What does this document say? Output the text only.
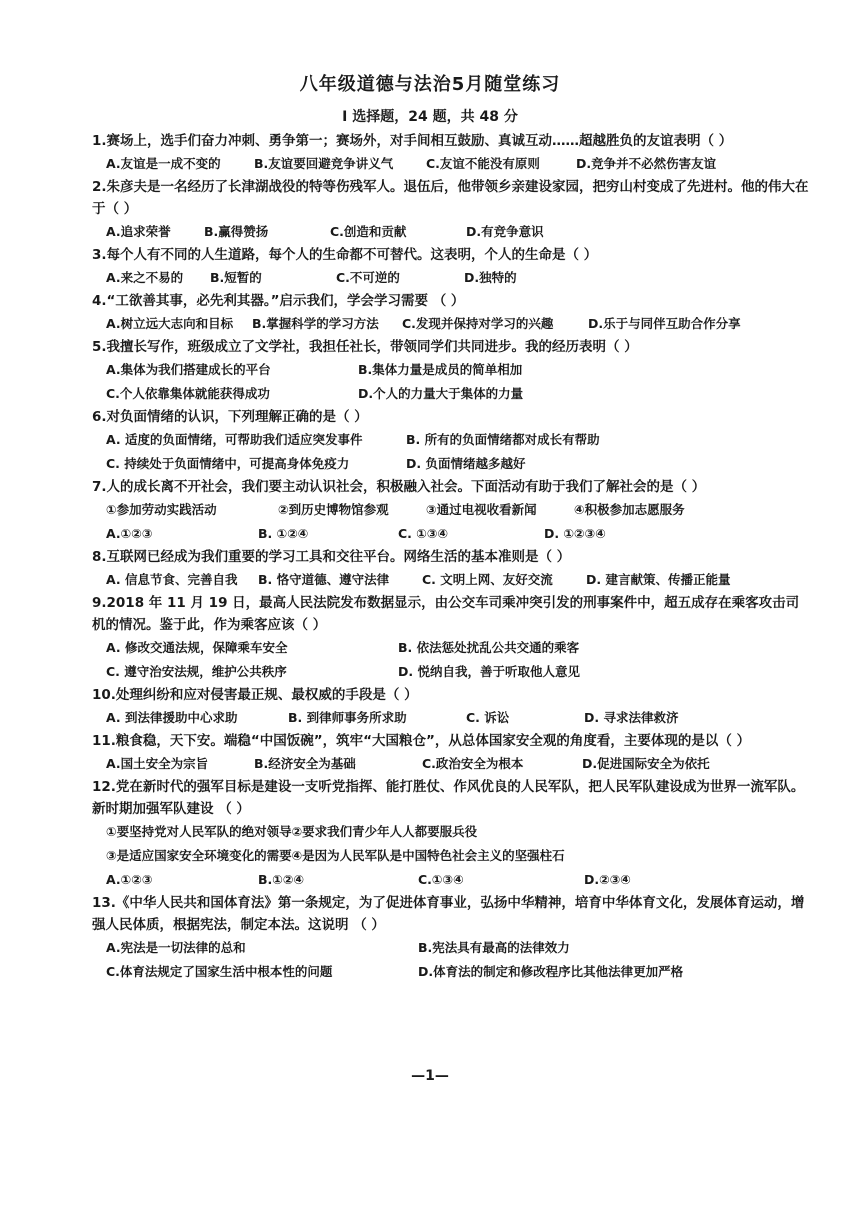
八年级道德与法治5月随堂练习
I 选择题，24 题，共 48 分
1.赛场上，选手们奋力冲刺、勇争第一；赛场外，对手间相互鼓励、真诚互动……超越胜负的友谊表明（ ）
A.友谊是一成不变的	B.友谊要回避竞争讲义气	C.友谊不能没有原则	D.竞争并不必然伤害友谊
2.朱彦夫是一名经历了长津湖战役的特等伤残军人。退伍后，他带领乡亲建设家园，把穷山村变成了先进村。他的伟大在于（ ）
A.追求荣誉	B.赢得赞扬	C.创造和贡献	D.有竞争意识
3.每个人有不同的人生道路，每个人的生命都不可替代。这表明，个人的生命是（ ）
A.来之不易的	B.短暂的	C.不可逆的	D.独特的
4.“工欲善其事，必先利其器。”启示我们，学会学习需要 （ ）
A.树立远大志向和目标	B.掌握科学的学习方法	C.发现并保持对学习的兴趣	D.乐于与同伴互助合作分享
5.我擅长写作，班级成立了文学社，我担任社长，带领同学们共同进步。我的经历表明（ ）
A.集体为我们搭建成长的平台	B.集体力量是成员的简单相加
C.个人依靠集体就能获得成功	D.个人的力量大于集体的力量
6.对负面情绪的认识，下列理解正确的是（ ）
A. 适度的负面情绪，可帮助我们适应突发事件	B. 所有的负面情绪都对成长有帮助
C. 持续处于负面情绪中，可提高身体免疫力	D. 负面情绪越多越好
7.人的成长离不开社会，我们要主动认识社会，积极融入社会。下面活动有助于我们了解社会的是（ ）
①参加劳动实践活动	②到历史博物馆参观	③通过电视收看新闻	④积极参加志愿服务
A.①②③	B. ①②④	C. ①③④	D. ①②③④
8.互联网已经成为我们重要的学习工具和交往平台。网络生活的基本准则是（ ）
A. 信息节食、完善自我	B. 恪守道德、遵守法律	C. 文明上网、友好交流	D. 建言献策、传播正能量
9.2018 年 11 月 19 日，最高人民法院发布数据显示，由公交车司乘冲突引发的刑事案件中，超五成存在乘客攻击司机的情况。鉴于此，作为乘客应该（ ）
A. 修改交通法规，保障乘车安全	B. 依法惩处扰乱公共交通的乘客
C. 遵守治安法规，维护公共秩序	D. 悦纳自我，善于听取他人意见
10.处理纠纷和应对侵害最正规、最权威的手段是（ ）
A. 到法律援助中心求助	B. 到律师事务所求助	C. 诉讼	D. 寻求法律救济
11.粮食稳，天下安。端稳“中国饭碗”，筑牢“大国粮仓”，从总体国家安全观的角度看，主要体现的是以（ ）
A.国土安全为宗旨	B.经济安全为基础	C.政治安全为根本	D.促进国际安全为依托
12.党在新时代的强军目标是建设一支听党指挥、能打胜仗、作风优良的人民军队，把人民军队建设成为世界一流军队。新时期加强军队建设 （ ）
①要坚持党对人民军队的绝对领导②要求我们青少年人人都要服兵役
③是适应国家安全环境变化的需要④是因为人民军队是中国特色社会主义的坚强柱石
A.①②③	B.①②④	C.①③④	D.②③④
13.《中华人民共和国体育法》第一条规定，为了促进体育事业，弘扬中华精神，培育中华体育文化，发展体育运动，增强人民体质，根据宪法，制定本法。这说明 （ ）
A.宪法是一切法律的总和	B.宪法具有最高的法律效力
C.体育法规定了国家生活中根本性的问题	D.体育法的制定和修改程序比其他法律更加严格
—1—
